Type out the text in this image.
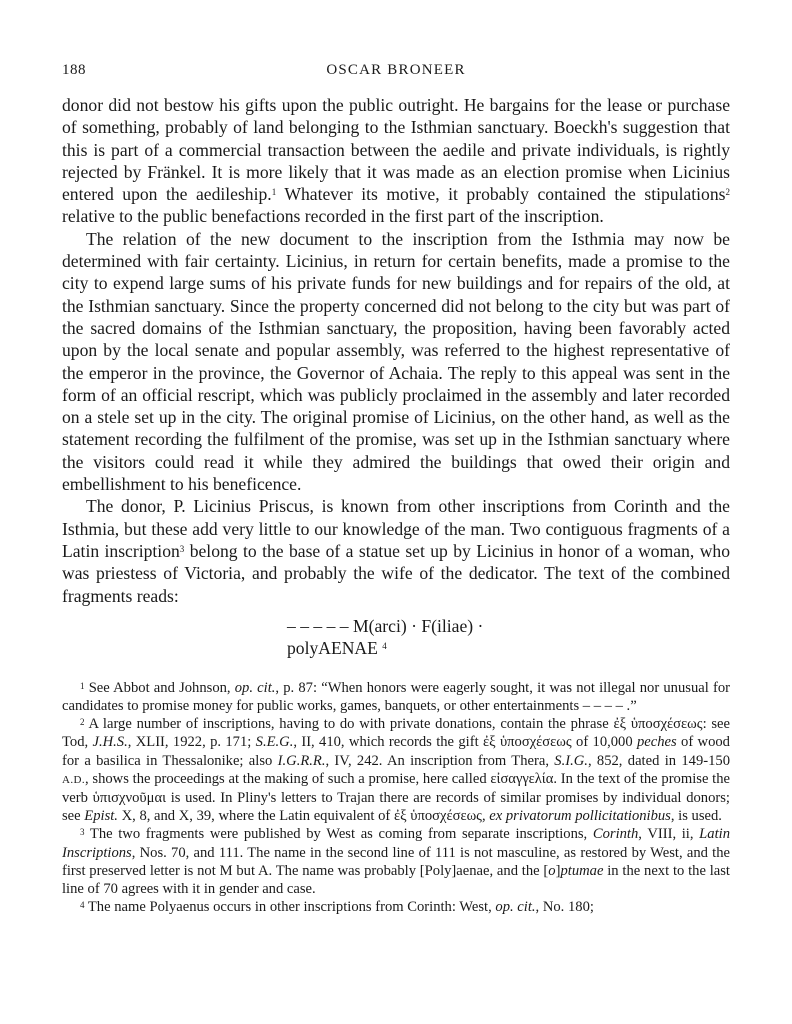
188	OSCAR BRONEER

donor did not bestow his gifts upon the public outright. He bargains for the lease or purchase of something, probably of land belonging to the Isthmian sanctuary. Boeckh's suggestion that this is part of a commercial transaction between the aedile and private individuals, is rightly rejected by Fränkel. It is more likely that it was made as an election promise when Licinius entered upon the aedileship.$^1$ Whatever its motive, it probably contained the stipulations$^2$ relative to the public benefactions recorded in the first part of the inscription.

The relation of the new document to the inscription from the Isthmia may now be determined with fair certainty. Licinius, in return for certain benefits, made a promise to the city to expend large sums of his private funds for new buildings and for repairs of the old, at the Isthmian sanctuary. Since the property concerned did not belong to the city but was part of the sacred domains of the Isthmian sanctuary, the proposition, having been favorably acted upon by the local senate and popular assembly, was referred to the highest representative of the emperor in the province, the Governor of Achaia. The reply to this appeal was sent in the form of an official rescript, which was publicly proclaimed in the assembly and later recorded on a stele set up in the city. The original promise of Licinius, on the other hand, as well as the statement recording the fulfilment of the promise, was set up in the Isthmian sanctuary where the visitors could read it while they admired the buildings that owed their origin and embellishment to his beneficence.

The donor, P. Licinius Priscus, is known from other inscriptions from Corinth and the Isthmia, but these add very little to our knowledge of the man. Two contiguous fragments of a Latin inscription$^3$ belong to the base of a statue set up by Licinius in honor of a woman, who was priestess of Victoria, and probably the wife of the dedicator. The text of the combined fragments reads:

– – – – – M(arci) · F(iliae) ·
polyAENAE $^4$

$^1$ See Abbot and Johnson, op. cit., p. 87: “When honors were eagerly sought, it was not illegal nor unusual for candidates to promise money for public works, games, banquets, or other entertainments – – – – .”

$^2$ A large number of inscriptions, having to do with private donations, contain the phrase ἐξ ὑποσχέσεως: see Tod, J.H.S., XLII, 1922, p. 171; S.E.G., II, 410, which records the gift ἐξ ὑποσχέσεως of 10,000 peches of wood for a basilica in Thessalonike; also I.G.R.R., IV, 242. An inscription from Thera, S.I.G., 852, dated in 149-150 A.D., shows the proceedings at the making of such a promise, here called εἰσαγγελία. In the text of the promise the verb ὑπισχνοῦμαι is used. In Pliny's letters to Trajan there are records of similar promises by individual donors; see Epist. X, 8, and X, 39, where the Latin equivalent of ἐξ ὑποσχέσεως, ex privatorum pollicitationibus, is used.

$^3$ The two fragments were published by West as coming from separate inscriptions, Corinth, VIII, ii, Latin Inscriptions, Nos. 70, and 111. The name in the second line of 111 is not masculine, as restored by West, and the first preserved letter is not M but A. The name was probably [Poly]aenae, and the [o]ptumae in the next to the last line of 70 agrees with it in gender and case.

$^4$ The name Polyaenus occurs in other inscriptions from Corinth: West, op. cit., No. 180;
